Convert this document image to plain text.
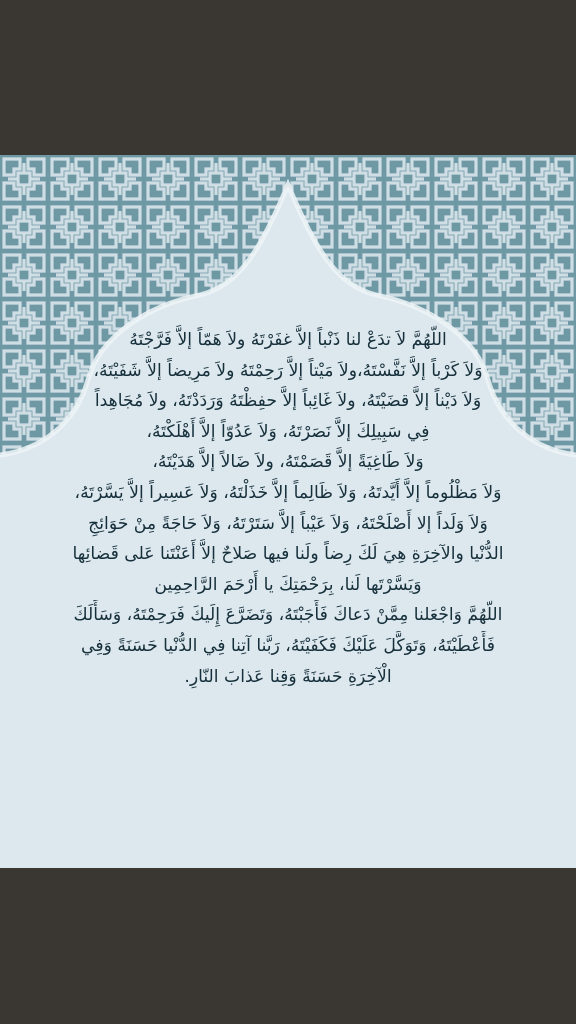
اللّهُمَّ لاَ تدَعْ لنا ذَنْباً إلاَّ غفَرْتَهُ ولاَ هَمّاً إلاَّ فَرَّجْتَهُ
وَلاَ كَرْباً إلاَّ نَفَّسْتَهُ،ولاَ مَيْتاً إلاَّ رَحِمْتَهُ ولاَ مَرِيضاً إلاَّ شَفَيْتَهُ،
وَلاَ دَيْناً إلاَّ قضَيْتَهُ، ولاَ غَائِباً إلاَّ حفِظْتَهُ وَرَدَدْتَهُ، ولاَ مُجَاهِداً
فِي سَبِيلِكَ إلاَّ نَصَرْتَهُ، وَلاَ عَدُوّاً إلاَّ أَهْلَكْتَهُ،
وَلاَ طَاغِيَةً إلاَّ قَصَمْتَهُ، ولاَ ضَالاً إلاَّ هَدَيْتَهُ،
وَلاَ مَظْلُوماً إلاَّ أَيَّدتَهُ، وَلاَ ظَالِماً إلاَّ خَذَلْتَهُ، وَلاَ عَسِيراً إلاَّ يَسَّرْتَهُ،
وَلاَ وَلَداً إلا أَصْلَحْتَهُ، وَلاَ عَيْباً إلاَّ سَتَرْتَهُ، وَلاَ حَاجَةً مِنْ حَوَائِجِ
الدُّنْيا والآخِرَةِ هِيَ لَكَ رِضاً ولَنا فيها صَلاحٌ إلاَّ أَعَنْتَنا عَلى قَضائِها
وَيَسَّرْتَها لَنا، بِرَحْمَتِكَ يا أَرْحَمَ الرَّاحِمِين
اللّهُمَّ وَاجْعَلنا مِمَّنْ دَعاكَ فَأَجَبْتَهُ، وَتَضَرَّعَ إِلَيكَ فَرَحِمْتَهُ، وَسَأَلَكَ
فَأَعْطَيْتَهُ، وَتَوَكَّلَ عَلَيْكَ فَكَفَيْتَهُ، رَبَّنا آتِنا فِي الدُّنْيا حَسَنَةً وَفِي
الْآخِرَةِ حَسَنَةً وَقِنا عَذابَ النّارِ.
